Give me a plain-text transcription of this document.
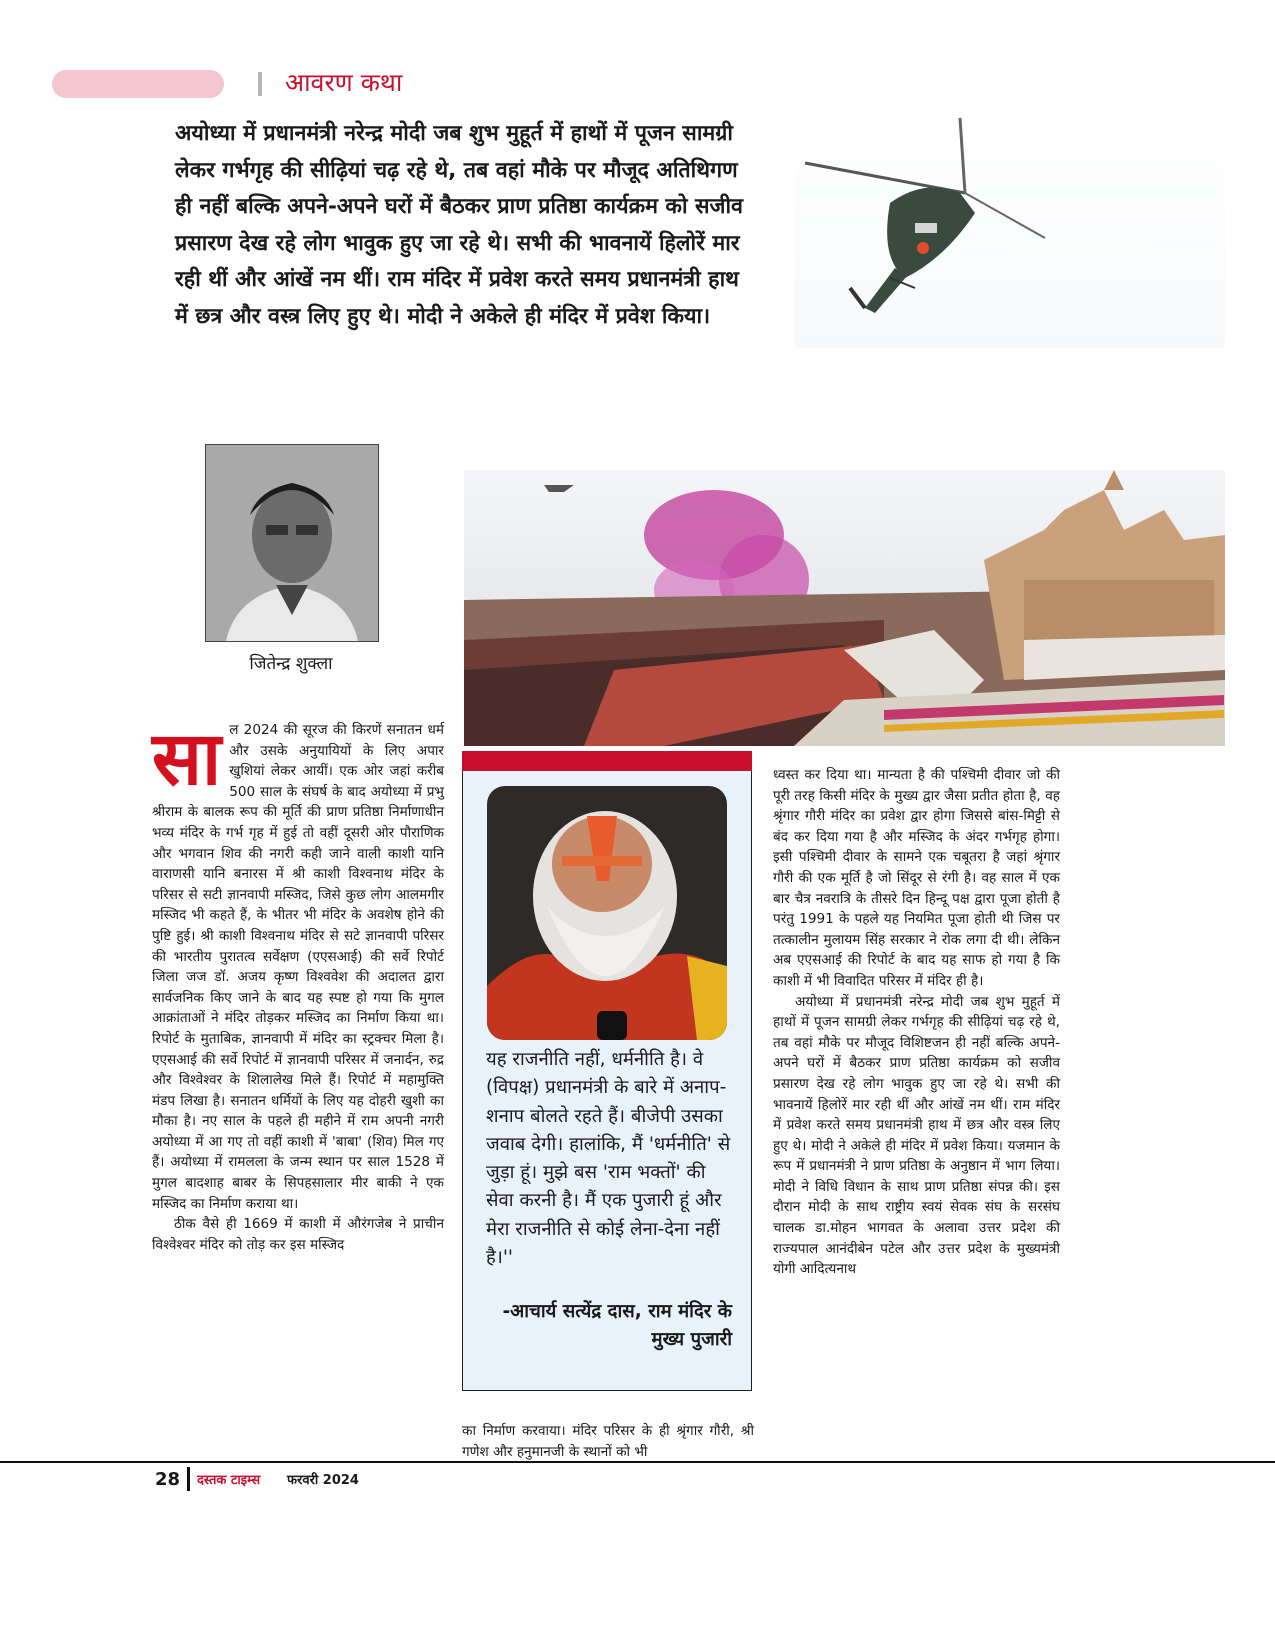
आवरण कथा

अयोध्या में प्रधानमंत्री नरेन्द्र मोदी जब शुभ मुहूर्त में हाथों में पूजन सामग्री लेकर गर्भगृह की सीढ़ियां चढ़ रहे थे, तब वहां मौके पर मौजूद अतिथिगण ही नहीं बल्कि अपने-अपने घरों में बैठकर प्राण प्रतिष्ठा कार्यक्रम को सजीव प्रसारण देख रहे लोग भावुक हुए जा रहे थे। सभी की भावनायें हिलोरें मार रही थीं और आंखें नम थीं। राम मंदिर में प्रवेश करते समय प्रधानमंत्री हाथ में छत्र और वस्त्र लिए हुए थे। मोदी ने अकेले ही मंदिर में प्रवेश किया।

जितेन्द्र शुक्ला
सा ल 2024 की सूरज की किरणें सनातन धर्म और उसके अनुयायियों के लिए अपार खुशियां लेकर आयीं। एक ओर जहां करीब 500 साल के संघर्ष के बाद अयोध्या में प्रभु श्रीराम के बालक रूप की मूर्ति की प्राण प्रतिष्ठा निर्माणाधीन भव्य मंदिर के गर्भ गृह में हुई तो वहीं दूसरी ओर पौराणिक और भगवान शिव की नगरी कही जाने वाली काशी यानि वाराणसी यानि बनारस में श्री काशी विश्वनाथ मंदिर के परिसर से सटी ज्ञानवापी मस्जिद, जिसे कुछ लोग आलमगीर मस्जिद भी कहते हैं, के भीतर भी मंदिर के अवशेष होने की पुष्टि हुई। श्री काशी विश्वनाथ मंदिर से सटे ज्ञानवापी परिसर की भारतीय पुरातत्व सर्वेक्षण (एएसआई) की सर्वे रिपोर्ट जिला जज डॉ. अजय कृष्ण विश्ववेश की अदालत द्वारा सार्वजनिक किए जाने के बाद यह स्पष्ट हो गया कि मुगल आक्रांताओं ने मंदिर तोड़कर मस्जिद का निर्माण किया था। रिपोर्ट के मुताबिक, ज्ञानवापी में मंदिर का स्ट्रक्चर मिला है। एएसआई की सर्वे रिपोर्ट में ज्ञानवापी परिसर में जनार्दन, रुद्र और विश्वेश्वर के शिलालेख मिले हैं। रिपोर्ट में महामुक्ति मंडप लिखा है। सनातन धर्मियों के लिए यह दोहरी खुशी का मौका है। नए साल के पहले ही महीने में राम अपनी नगरी अयोध्या में आ गए तो वहीं काशी में 'बाबा' (शिव) मिल गए हैं। अयोध्या में रामलला के जन्म स्थान पर साल 1528 में मुगल बादशाह बाबर के सिपहसालार मीर बाकी ने एक मस्जिद का निर्माण कराया था।

ठीक वैसे ही 1669 में काशी में औरंगजेब ने प्राचीन विश्वेश्वर मंदिर को तोड़ कर इस मस्जिद

यह राजनीति नहीं, धर्मनीति है। वे (विपक्ष) प्रधानमंत्री के बारे में अनाप-शनाप बोलते रहते हैं। बीजेपी उसका जवाब देगी। हालांकि, मैं 'धर्मनीति' से जुड़ा हूं। मुझे बस 'राम भक्तों' की सेवा करनी है। मैं एक पुजारी हूं और मेरा राजनीति से कोई लेना-देना नहीं है।''

-आचार्य सत्येंद्र दास, राम मंदिर के मुख्य पुजारी
का निर्माण करवाया। मंदिर परिसर के ही श्रृंगार गौरी, श्री गणेश और हनुमानजी के स्थानों को भी

ध्वस्त कर दिया था। मान्यता है की पश्चिमी दीवार जो की पूरी तरह किसी मंदिर के मुख्य द्वार जैसा प्रतीत होता है, वह श्रृंगार गौरी मंदिर का प्रवेश द्वार होगा जिससे बांस-मिट्टी से बंद कर दिया गया है और मस्जिद के अंदर गर्भगृह होगा। इसी पश्चिमी दीवार के सामने एक चबूतरा है जहां श्रृंगार गौरी की एक मूर्ति है जो सिंदूर से रंगी है। वह साल में एक बार चैत्र नवरात्रि के तीसरे दिन हिन्दू पक्ष द्वारा पूजा होती है परंतु 1991 के पहले यह नियमित पूजा होती थी जिस पर तत्कालीन मुलायम सिंह सरकार ने रोक लगा दी थी। लेकिन अब एएसआई की रिपोर्ट के बाद यह साफ हो गया है कि काशी में भी विवादित परिसर में मंदिर ही है।

अयोध्या में प्रधानमंत्री नरेन्द्र मोदी जब शुभ मुहूर्त में हाथों में पूजन सामग्री लेकर गर्भगृह की सीढ़ियां चढ़ रहे थे, तब वहां मौके पर मौजूद विशिष्टजन ही नहीं बल्कि अपने-अपने घरों में बैठकर प्राण प्रतिष्ठा कार्यक्रम को सजीव प्रसारण देख रहे लोग भावुक हुए जा रहे थे। सभी की भावनायें हिलोरें मार रही थीं और आंखें नम थीं। राम मंदिर में प्रवेश करते समय प्रधानमंत्री हाथ में छत्र और वस्त्र लिए हुए थे। मोदी ने अकेले ही मंदिर में प्रवेश किया। यजमान के रूप में प्रधानमंत्री ने प्राण प्रतिष्ठा के अनुष्ठान में भाग लिया। मोदी ने विधि विधान के साथ प्राण प्रतिष्ठा संपन्न की। इस दौरान मोदी के साथ राष्ट्रीय स्वयं सेवक संघ के सरसंघ चालक डा.मोहन भागवत के अलावा उत्तर प्रदेश की राज्यपाल आनंदीबेन पटेल और उत्तर प्रदेश के मुख्यमंत्री योगी आदित्यनाथ

28 दस्तक टाइम्स फरवरी 2024
